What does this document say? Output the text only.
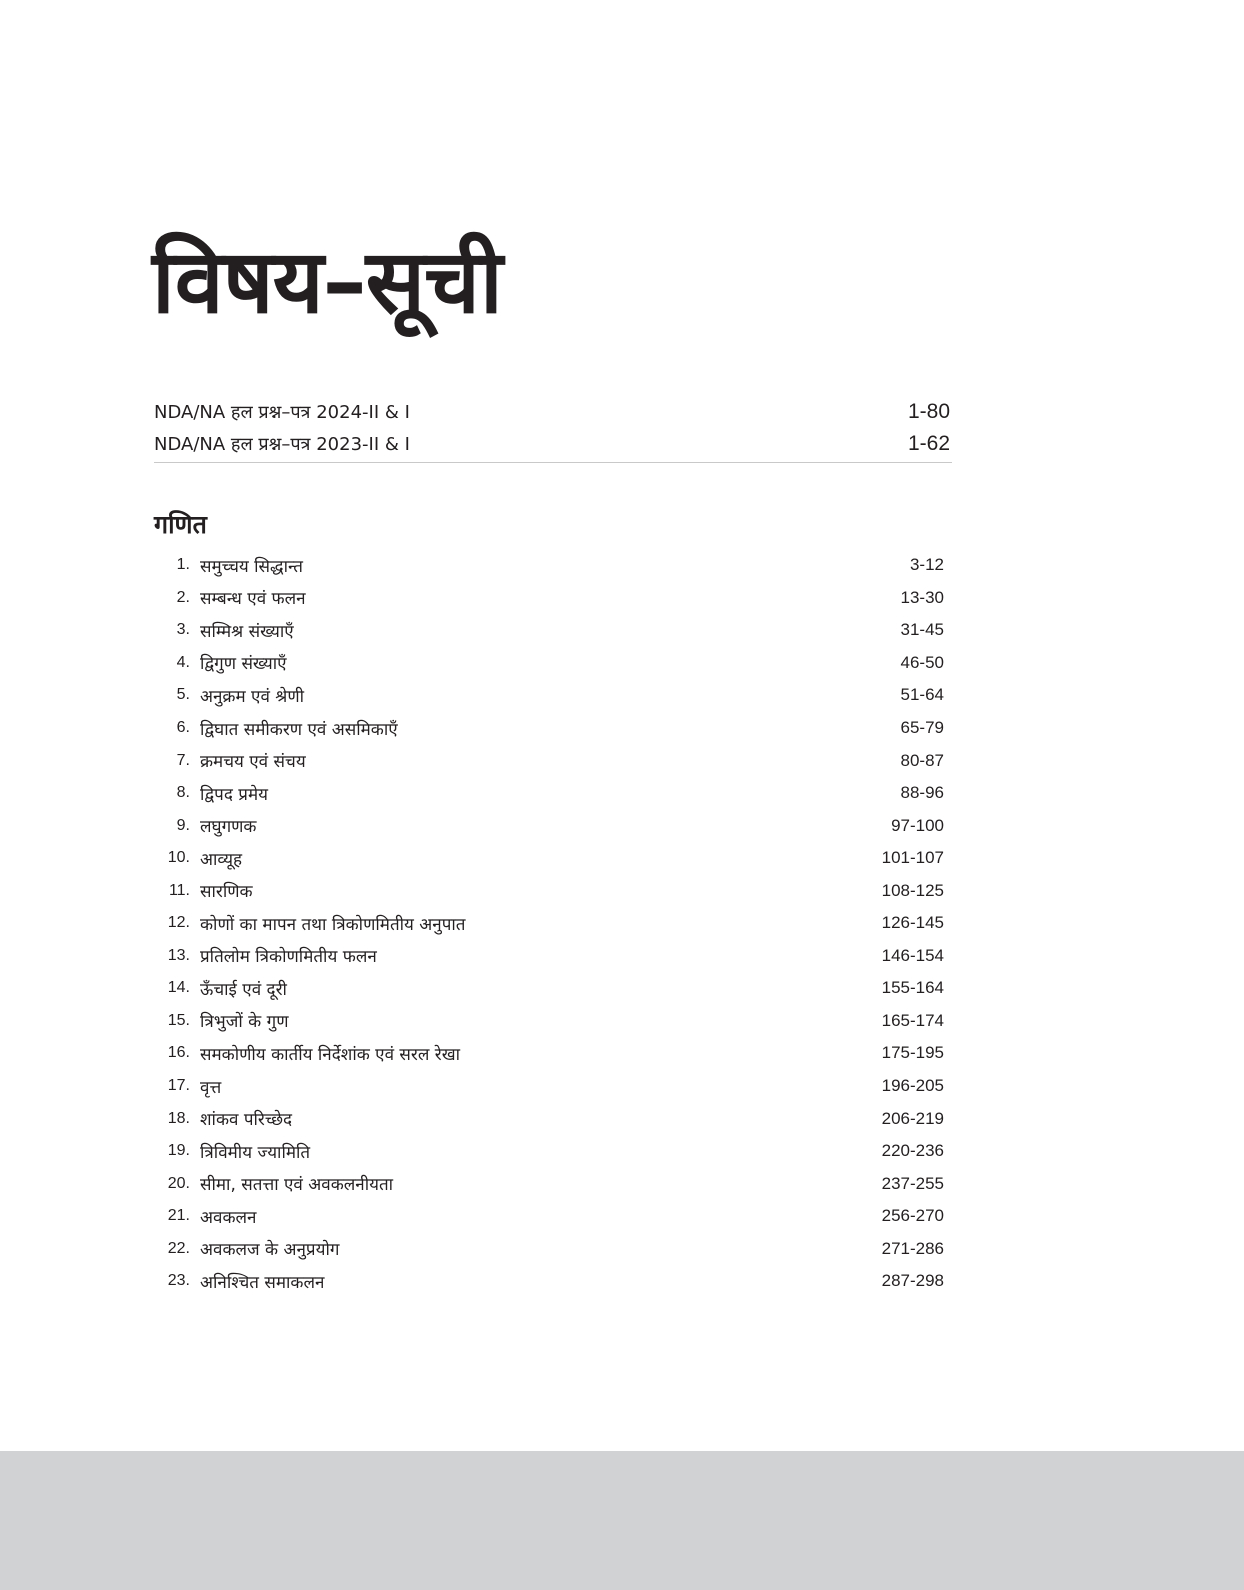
विषय–सूची
NDA/NA हल प्रश्न–पत्र 2024-II & I	1-80
NDA/NA हल प्रश्न–पत्र 2023-II & I	1-62
गणित
1. समुच्चय सिद्धान्त	3-12
2. सम्बन्ध एवं फलन	13-30
3. सम्मिश्र संख्याएँ	31-45
4. द्विगुण संख्याएँ	46-50
5. अनुक्रम एवं श्रेणी	51-64
6. द्विघात समीकरण एवं असमिकाएँ	65-79
7. क्रमचय एवं संचय	80-87
8. द्विपद प्रमेय	88-96
9. लघुगणक	97-100
10. आव्यूह	101-107
11. सारणिक	108-125
12. कोणों का मापन तथा त्रिकोणमितीय अनुपात	126-145
13. प्रतिलोम त्रिकोणमितीय फलन	146-154
14. ऊँचाई एवं दूरी	155-164
15. त्रिभुजों के गुण	165-174
16. समकोणीय कार्तीय निर्देशांक एवं सरल रेखा	175-195
17. वृत्त	196-205
18. शांकव परिच्छेद	206-219
19. त्रिविमीय ज्यामिति	220-236
20. सीमा, सतत्ता एवं अवकलनीयता	237-255
21. अवकलन	256-270
22. अवकलज के अनुप्रयोग	271-286
23. अनिश्चित समाकलन	287-298
